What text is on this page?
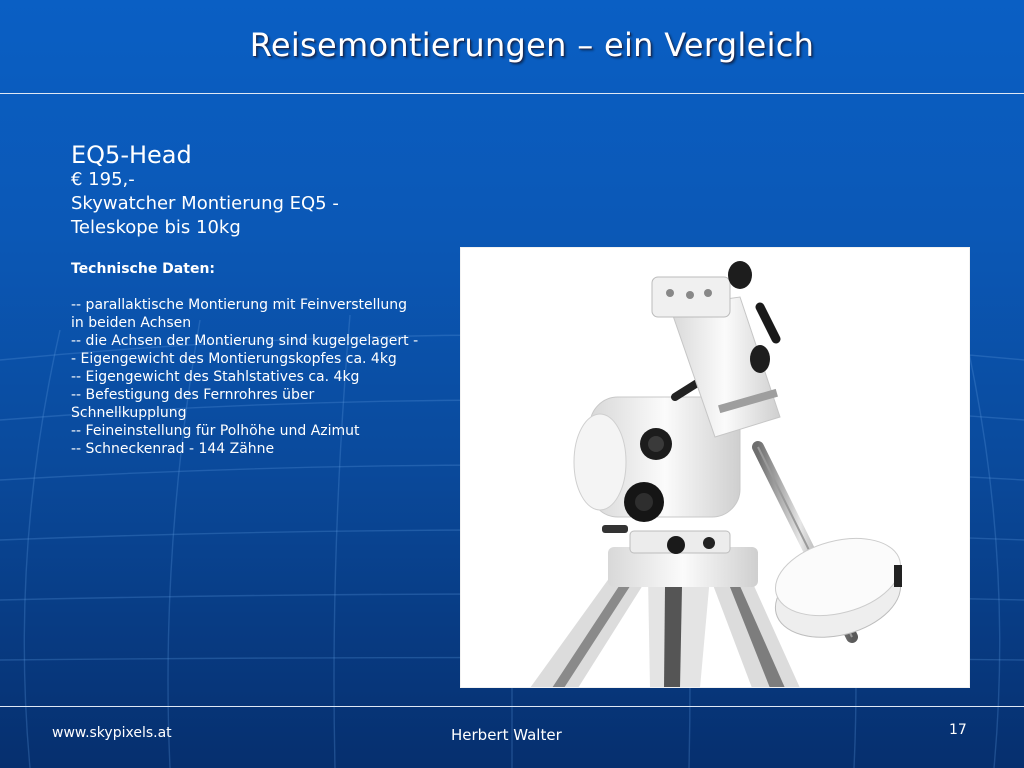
Reisemontierungen – ein Vergleich
EQ5-Head
€ 195,-
Skywatcher Montierung EQ5 -
Teleskope bis 10kg
Technische Daten:
-- parallaktische Montierung mit Feinverstellung
in beiden Achsen
-- die Achsen der Montierung sind kugelgelagert -
- Eigengewicht des Montierungskopfes ca. 4kg
-- Eigengewicht des Stahlstatives ca. 4kg
-- Befestigung des Fernrohres über
Schnellkupplung
-- Feineinstellung für Polhöhe und Azimut
-- Schneckenrad - 144 Zähne
www.skypixels.at	Herbert Walter	17
